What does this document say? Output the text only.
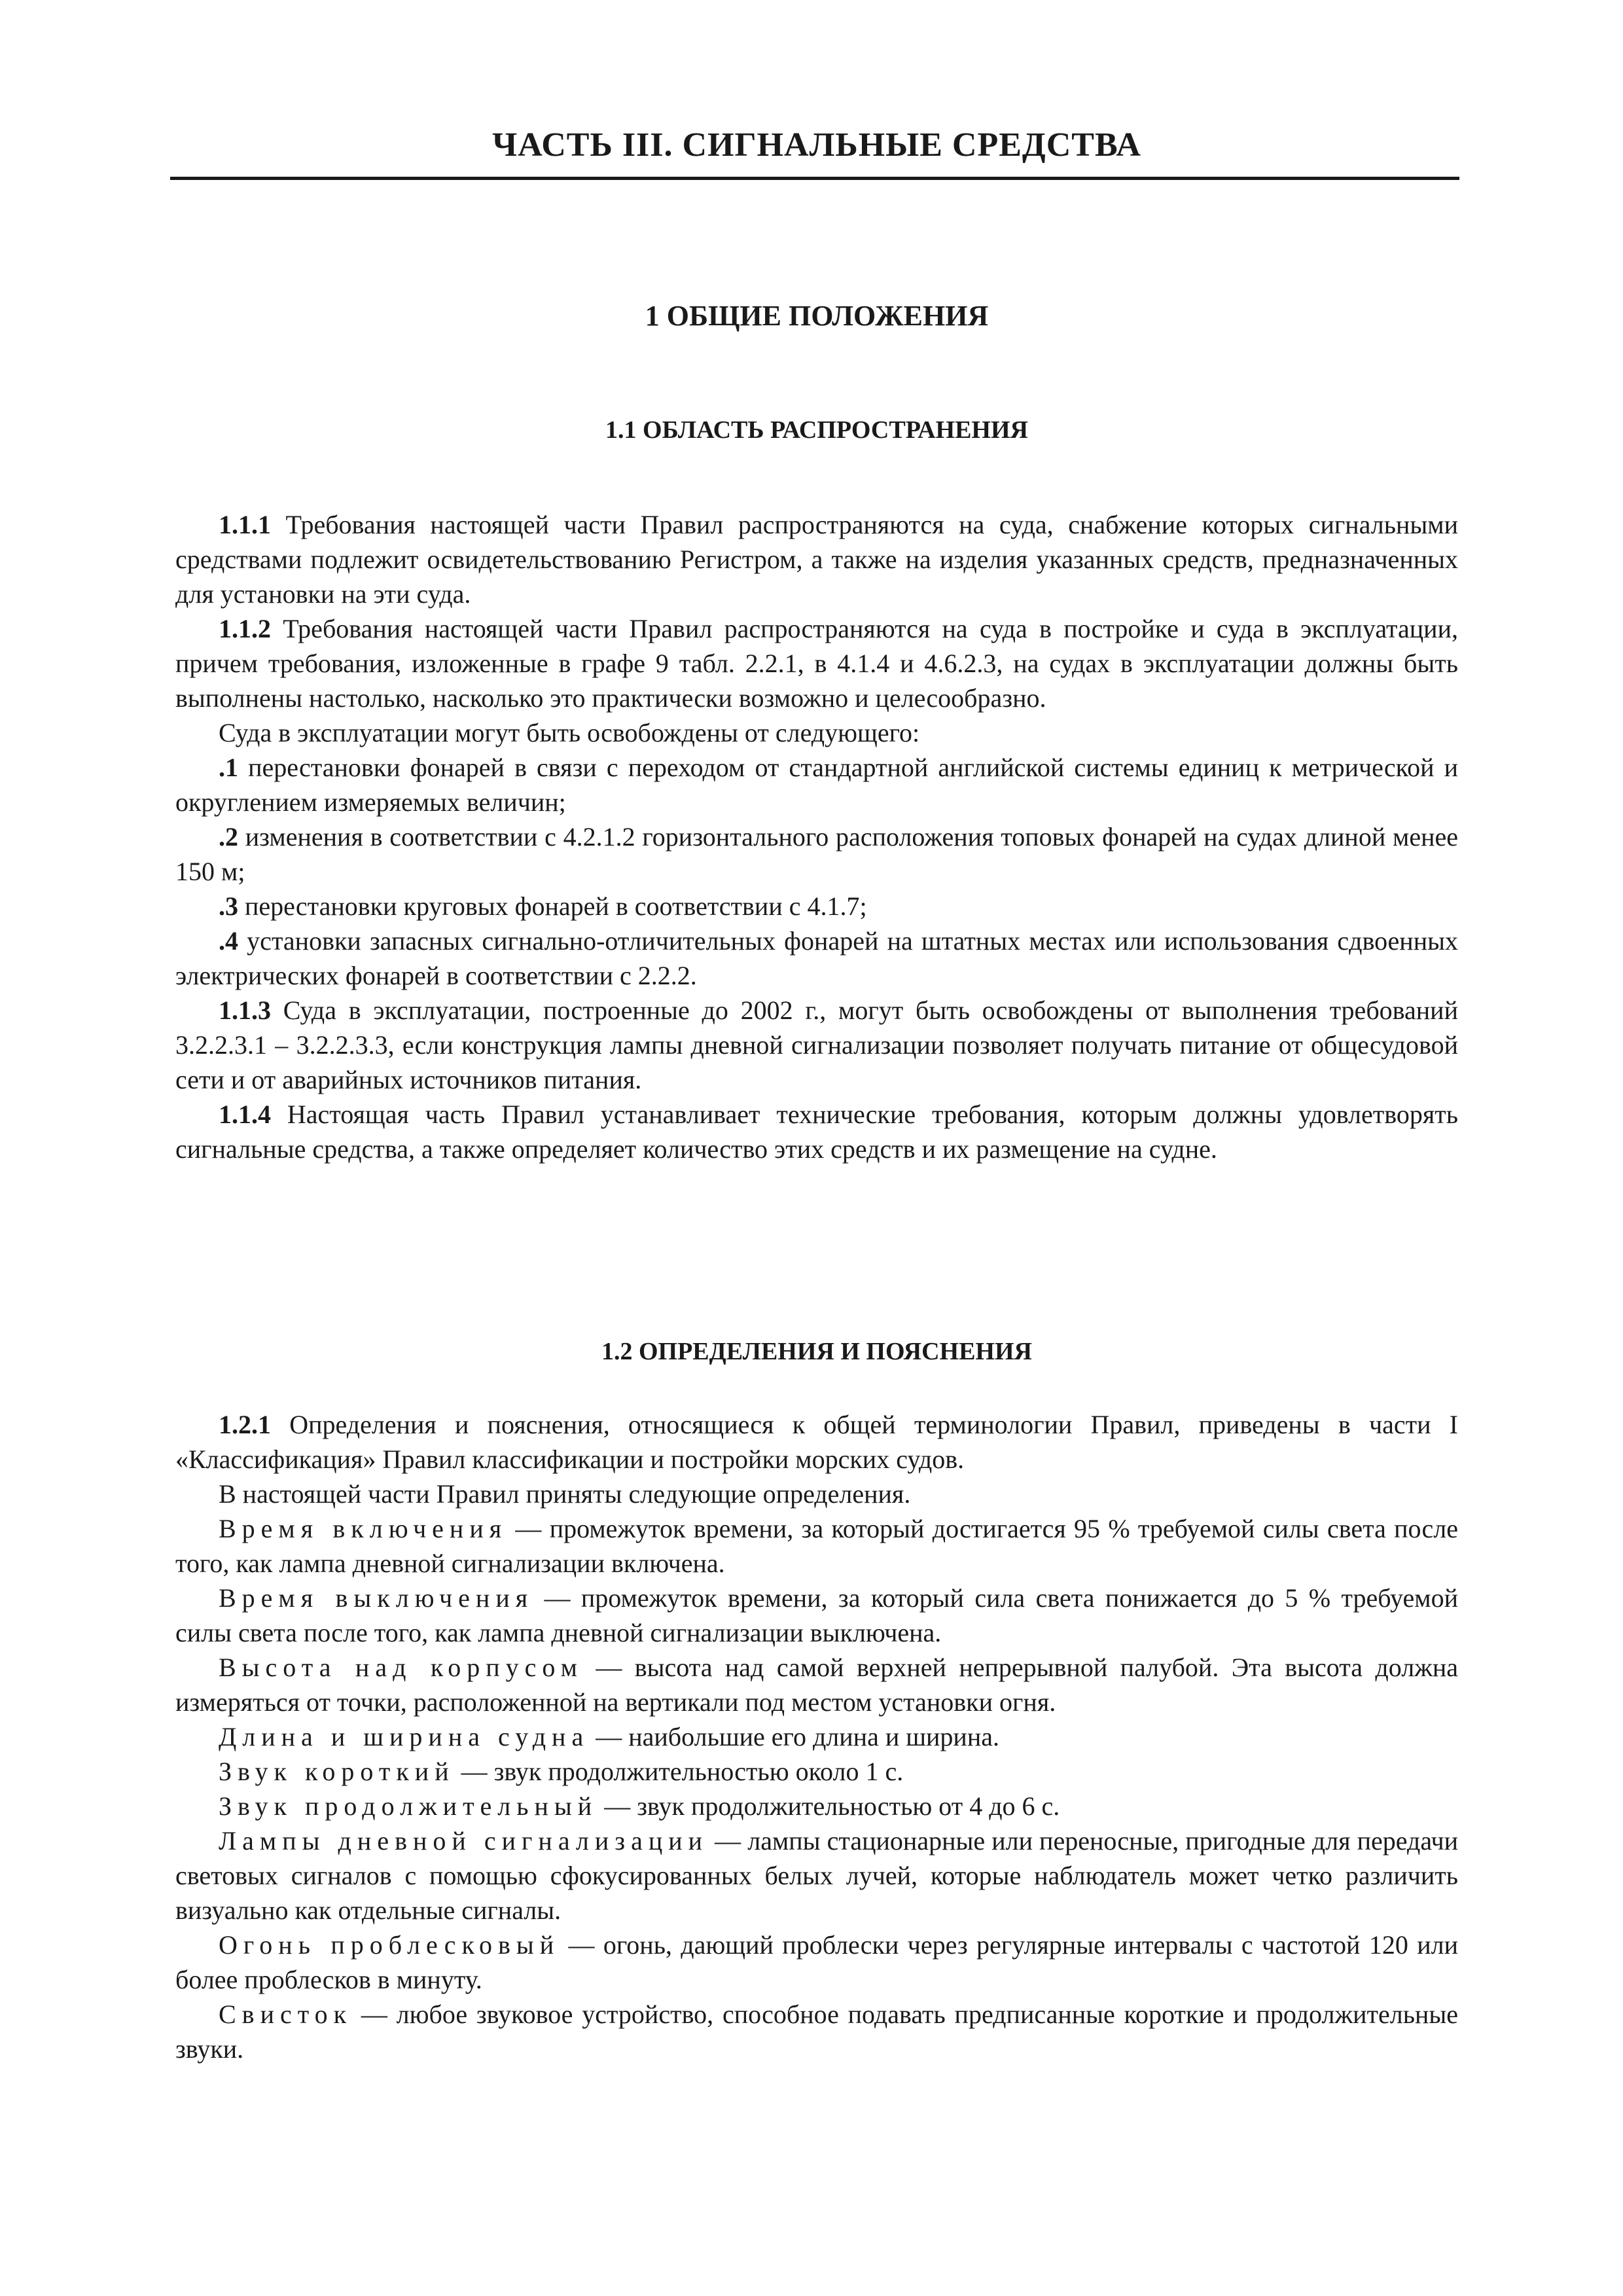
ЧАСТЬ III. СИГНАЛЬНЫЕ СРЕДСТВА
1 ОБЩИЕ ПОЛОЖЕНИЯ
1.1 ОБЛАСТЬ РАСПРОСТРАНЕНИЯ

1.1.1 Требования настоящей части Правил распространяются на суда, снабжение которых сигнальными средствами подлежит освидетельствованию Регистром, а также на изделия указанных средств, предназначенных для установки на эти суда.

1.1.2 Требования настоящей части Правил распространяются на суда в постройке и суда в эксплуатации, причем требования, изложенные в графе 9 табл. 2.2.1, в 4.1.4 и 4.6.2.3, на судах в эксплуатации должны быть выполнены настолько, насколько это практически возможно и целесообразно.

Суда в эксплуатации могут быть освобождены от следующего:

.1 перестановки фонарей в связи с переходом от стандартной английской системы единиц к метрической и округлением измеряемых величин;

.2 изменения в соответствии с 4.2.1.2 горизонтального расположения топовых фонарей на судах длиной менее 150 м;

.3 перестановки круговых фонарей в соответствии с 4.1.7;

.4 установки запасных сигнально-отличительных фонарей на штатных местах или использования сдвоенных электрических фонарей в соответствии с 2.2.2.

1.1.3 Суда в эксплуатации, построенные до 2002 г., могут быть освобождены от выполнения требований 3.2.2.3.1 – 3.2.2.3.3, если конструкция лампы дневной сигнализации позволяет получать питание от общесудовой сети и от аварийных источников питания.

1.1.4 Настоящая часть Правил устанавливает технические требования, которым должны удовлетворять сигнальные средства, а также определяет количество этих средств и их размещение на судне.

1.2 ОПРЕДЕЛЕНИЯ И ПОЯСНЕНИЯ

1.2.1 Определения и пояснения, относящиеся к общей терминологии Правил, приведены в части I «Классификация» Правил классификации и постройки морских судов.

В настоящей части Правил приняты следующие определения.

Время включения — промежуток времени, за который достигается 95 % требуемой силы света после того, как лампа дневной сигнализации включена.

Время выключения — промежуток времени, за который сила света понижается до 5 % требуемой силы света после того, как лампа дневной сигнализации выключена.

Высота над корпусом — высота над самой верхней непрерывной палубой. Эта высота должна измеряться от точки, расположенной на вертикали под местом установки огня.

Длина и ширина судна — наибольшие его длина и ширина.

Звук короткий — звук продолжительностью около 1 с.

Звук продолжительный — звук продолжительностью от 4 до 6 с.

Лампы дневной сигнализации — лампы стационарные или переносные, пригодные для передачи световых сигналов с помощью сфокусированных белых лучей, которые наблюдатель может четко различить визуально как отдельные сигналы.

Огонь проблесковый — огонь, дающий проблески через регулярные интервалы с частотой 120 или более проблесков в минуту.

Свисток — любое звуковое устройство, способное подавать предписанные короткие и продолжительные звуки.
